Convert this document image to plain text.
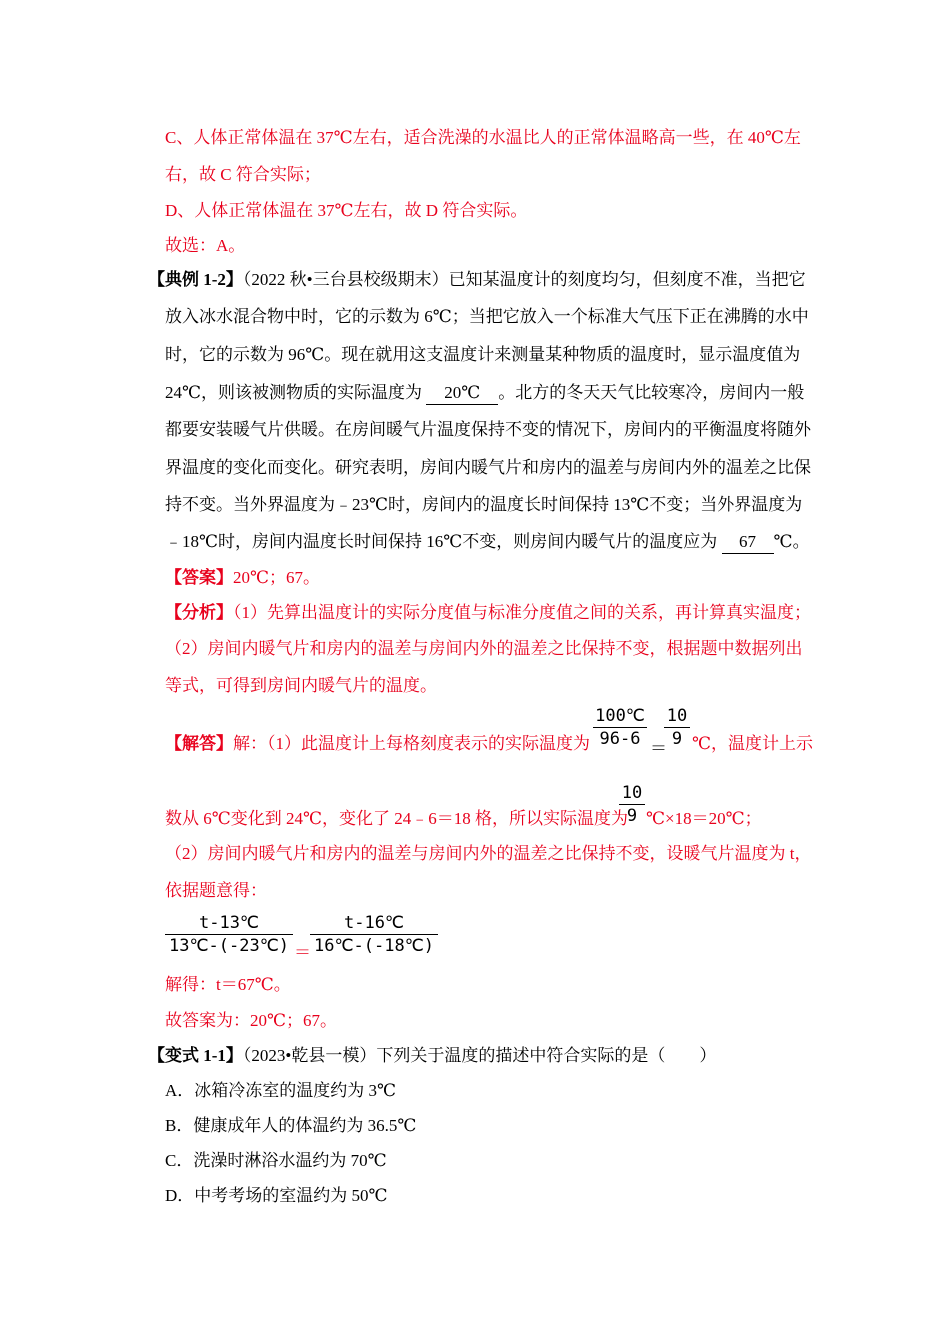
C、人体正常体温在 37℃左右，适合洗澡的水温比人的正常体温略高一些，在 40℃左
右，故 C 符合实际；
D、人体正常体温在 37℃左右，故 D 符合实际。
故选：A。
【典例 1-2】（2022 秋•三台县校级期末）已知某温度计的刻度均匀，但刻度不准，当把它
放入冰水混合物中时，它的示数为 6℃；当把它放入一个标准大气压下正在沸腾的水中
时，它的示数为 96℃。现在就用这支温度计来测量某种物质的温度时，显示温度值为
24℃，则该被测物质的实际温度为 20℃ 。北方的冬天天气比较寒冷，房间内一般
都要安装暖气片供暖。在房间暖气片温度保持不变的情况下，房间内的平衡温度将随外
界温度的变化而变化。研究表明，房间内暖气片和房内的温差与房间内外的温差之比保
持不变。当外界温度为﹣23℃时，房间内的温度长时间保持 13℃不变；当外界温度为
﹣18℃时，房间内温度长时间保持 16℃不变，则房间内暖气片的温度应为 67 ℃。
【答案】20℃；67。
【分析】（1）先算出温度计的实际分度值与标准分度值之间的关系，再计算真实温度；
（2）房间内暖气片和房内的温差与房间内外的温差之比保持不变，根据题中数据列出
等式，可得到房间内暖气片的温度。
【解答】解：（1）此温度计上每格刻度表示的实际温度为
100℃
96-6 ＝
10
9 ℃，温度计上示
数从 6℃变化到 24℃，变化了 24﹣6＝18 格，所以实际温度为
10
9 ℃×18＝20℃；
（2）房间内暖气片和房内的温差与房间内外的温差之比保持不变，设暖气片温度为 t，
依据题意得：
t-13℃
13℃-(-23℃) ＝
t-16℃
16℃-(-18℃)
解得：t＝67℃。
故答案为：20℃；67。
【变式 1-1】（2023•乾县一模）下列关于温度的描述中符合实际的是（　　）
A．冰箱冷冻室的温度约为 3℃
B．健康成年人的体温约为 36.5℃
C．洗澡时淋浴水温约为 70℃
D．中考考场的室温约为 50℃
